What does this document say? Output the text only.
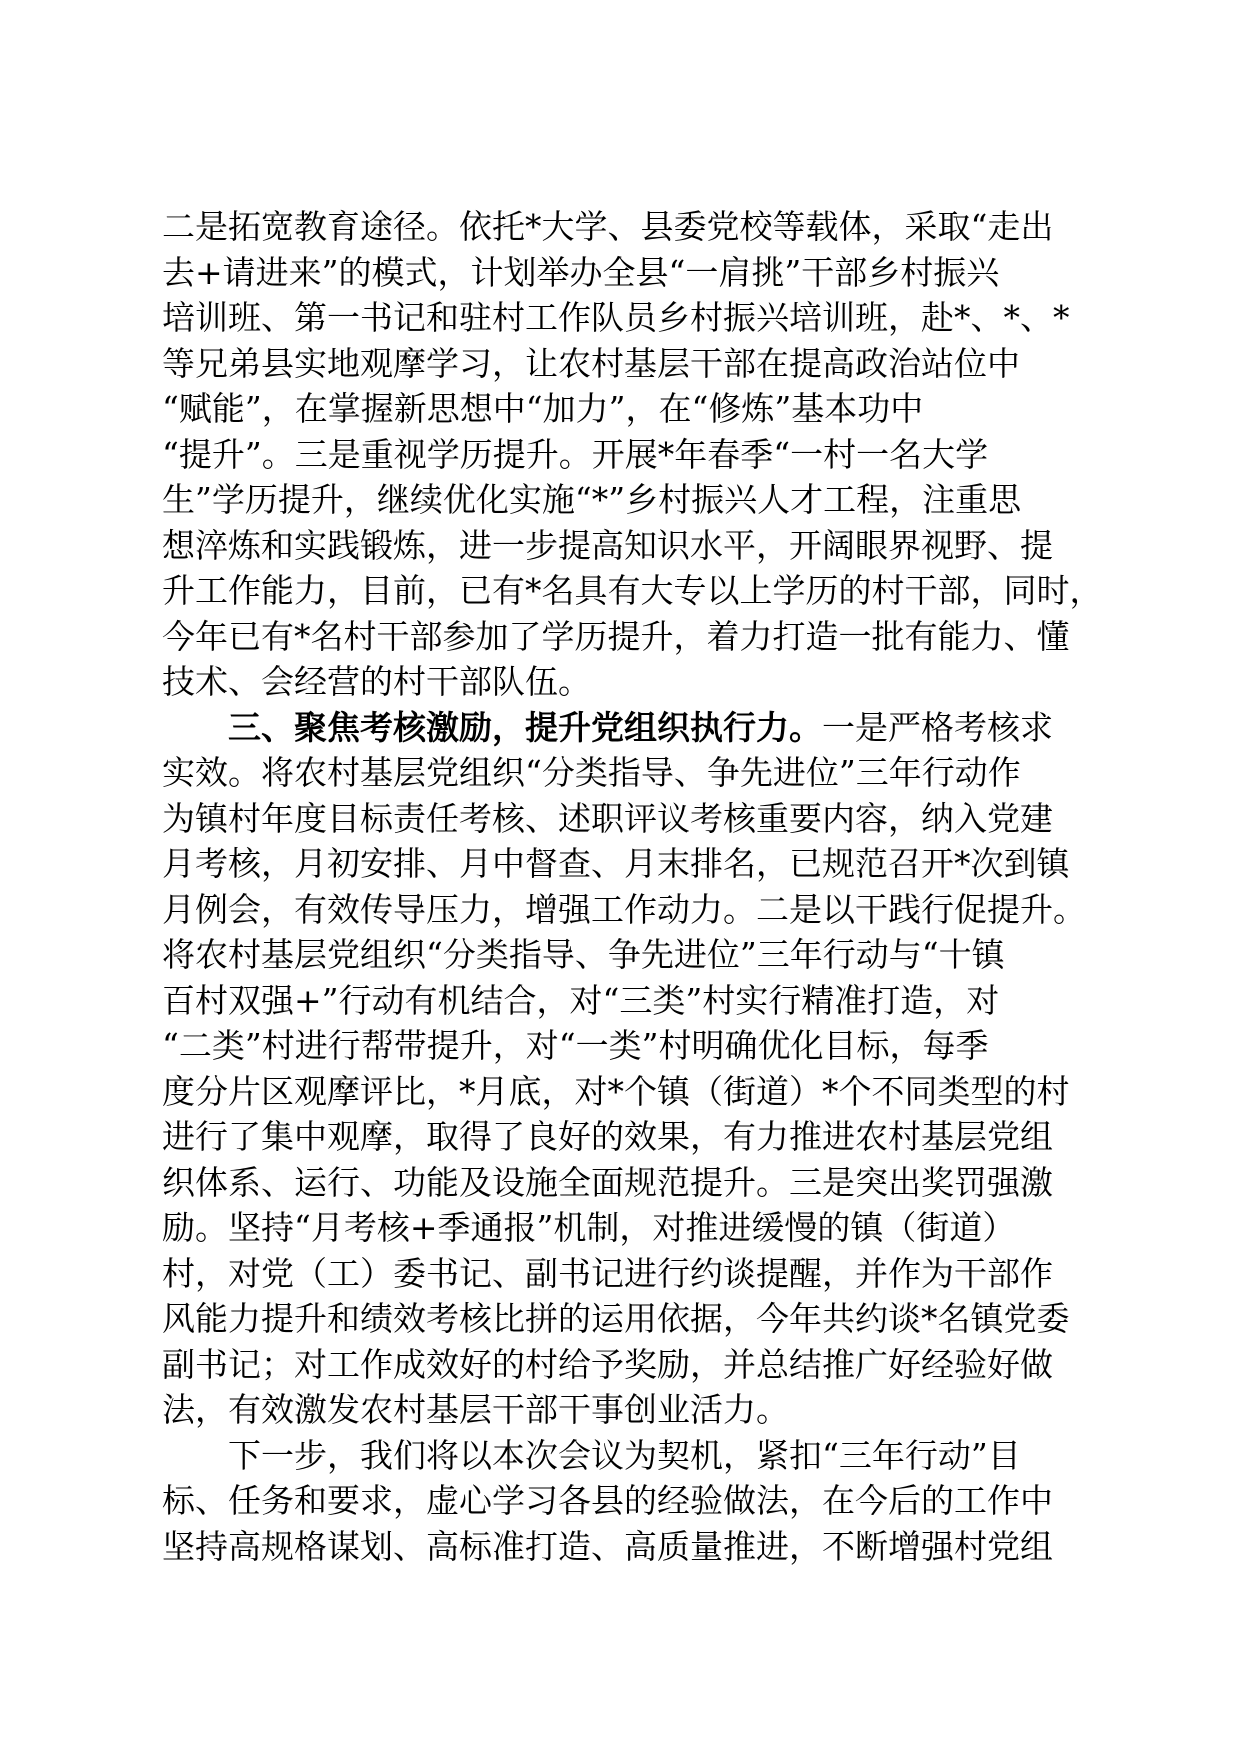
二是拓宽教育途径。依托*大学、县委党校等载体，采取“走出
去+请进来”的模式，计划举办全县“一肩挑”干部乡村振兴
培训班、第一书记和驻村工作队员乡村振兴培训班，赴*、*、*
等兄弟县实地观摩学习，让农村基层干部在提高政治站位中
“赋能”，在掌握新思想中“加力”，在“修炼”基本功中
“提升”。三是重视学历提升。开展*年春季“一村一名大学
生”学历提升，继续优化实施“*”乡村振兴人才工程，注重思
想淬炼和实践锻炼，进一步提高知识水平，开阔眼界视野、提
升工作能力，目前，已有*名具有大专以上学历的村干部，同时，
今年已有*名村干部参加了学历提升，着力打造一批有能力、懂
技术、会经营的村干部队伍。
三、聚焦考核激励，提升党组织执行力。一是严格考核求
实效。将农村基层党组织“分类指导、争先进位”三年行动作
为镇村年度目标责任考核、述职评议考核重要内容，纳入党建
月考核，月初安排、月中督查、月末排名，已规范召开*次到镇
月例会，有效传导压力，增强工作动力。二是以干践行促提升。
将农村基层党组织“分类指导、争先进位”三年行动与“十镇
百村双强+”行动有机结合，对“三类”村实行精准打造，对
“二类”村进行帮带提升，对“一类”村明确优化目标，每季
度分片区观摩评比，*月底，对*个镇（街道）*个不同类型的村
进行了集中观摩，取得了良好的效果，有力推进农村基层党组
织体系、运行、功能及设施全面规范提升。三是突出奖罚强激
励。坚持“月考核+季通报”机制，对推进缓慢的镇（街道）
村，对党（工）委书记、副书记进行约谈提醒，并作为干部作
风能力提升和绩效考核比拼的运用依据，今年共约谈*名镇党委
副书记；对工作成效好的村给予奖励，并总结推广好经验好做
法，有效激发农村基层干部干事创业活力。
下一步，我们将以本次会议为契机，紧扣“三年行动”目
标、任务和要求，虚心学习各县的经验做法，在今后的工作中
坚持高规格谋划、高标准打造、高质量推进，不断增强村党组
